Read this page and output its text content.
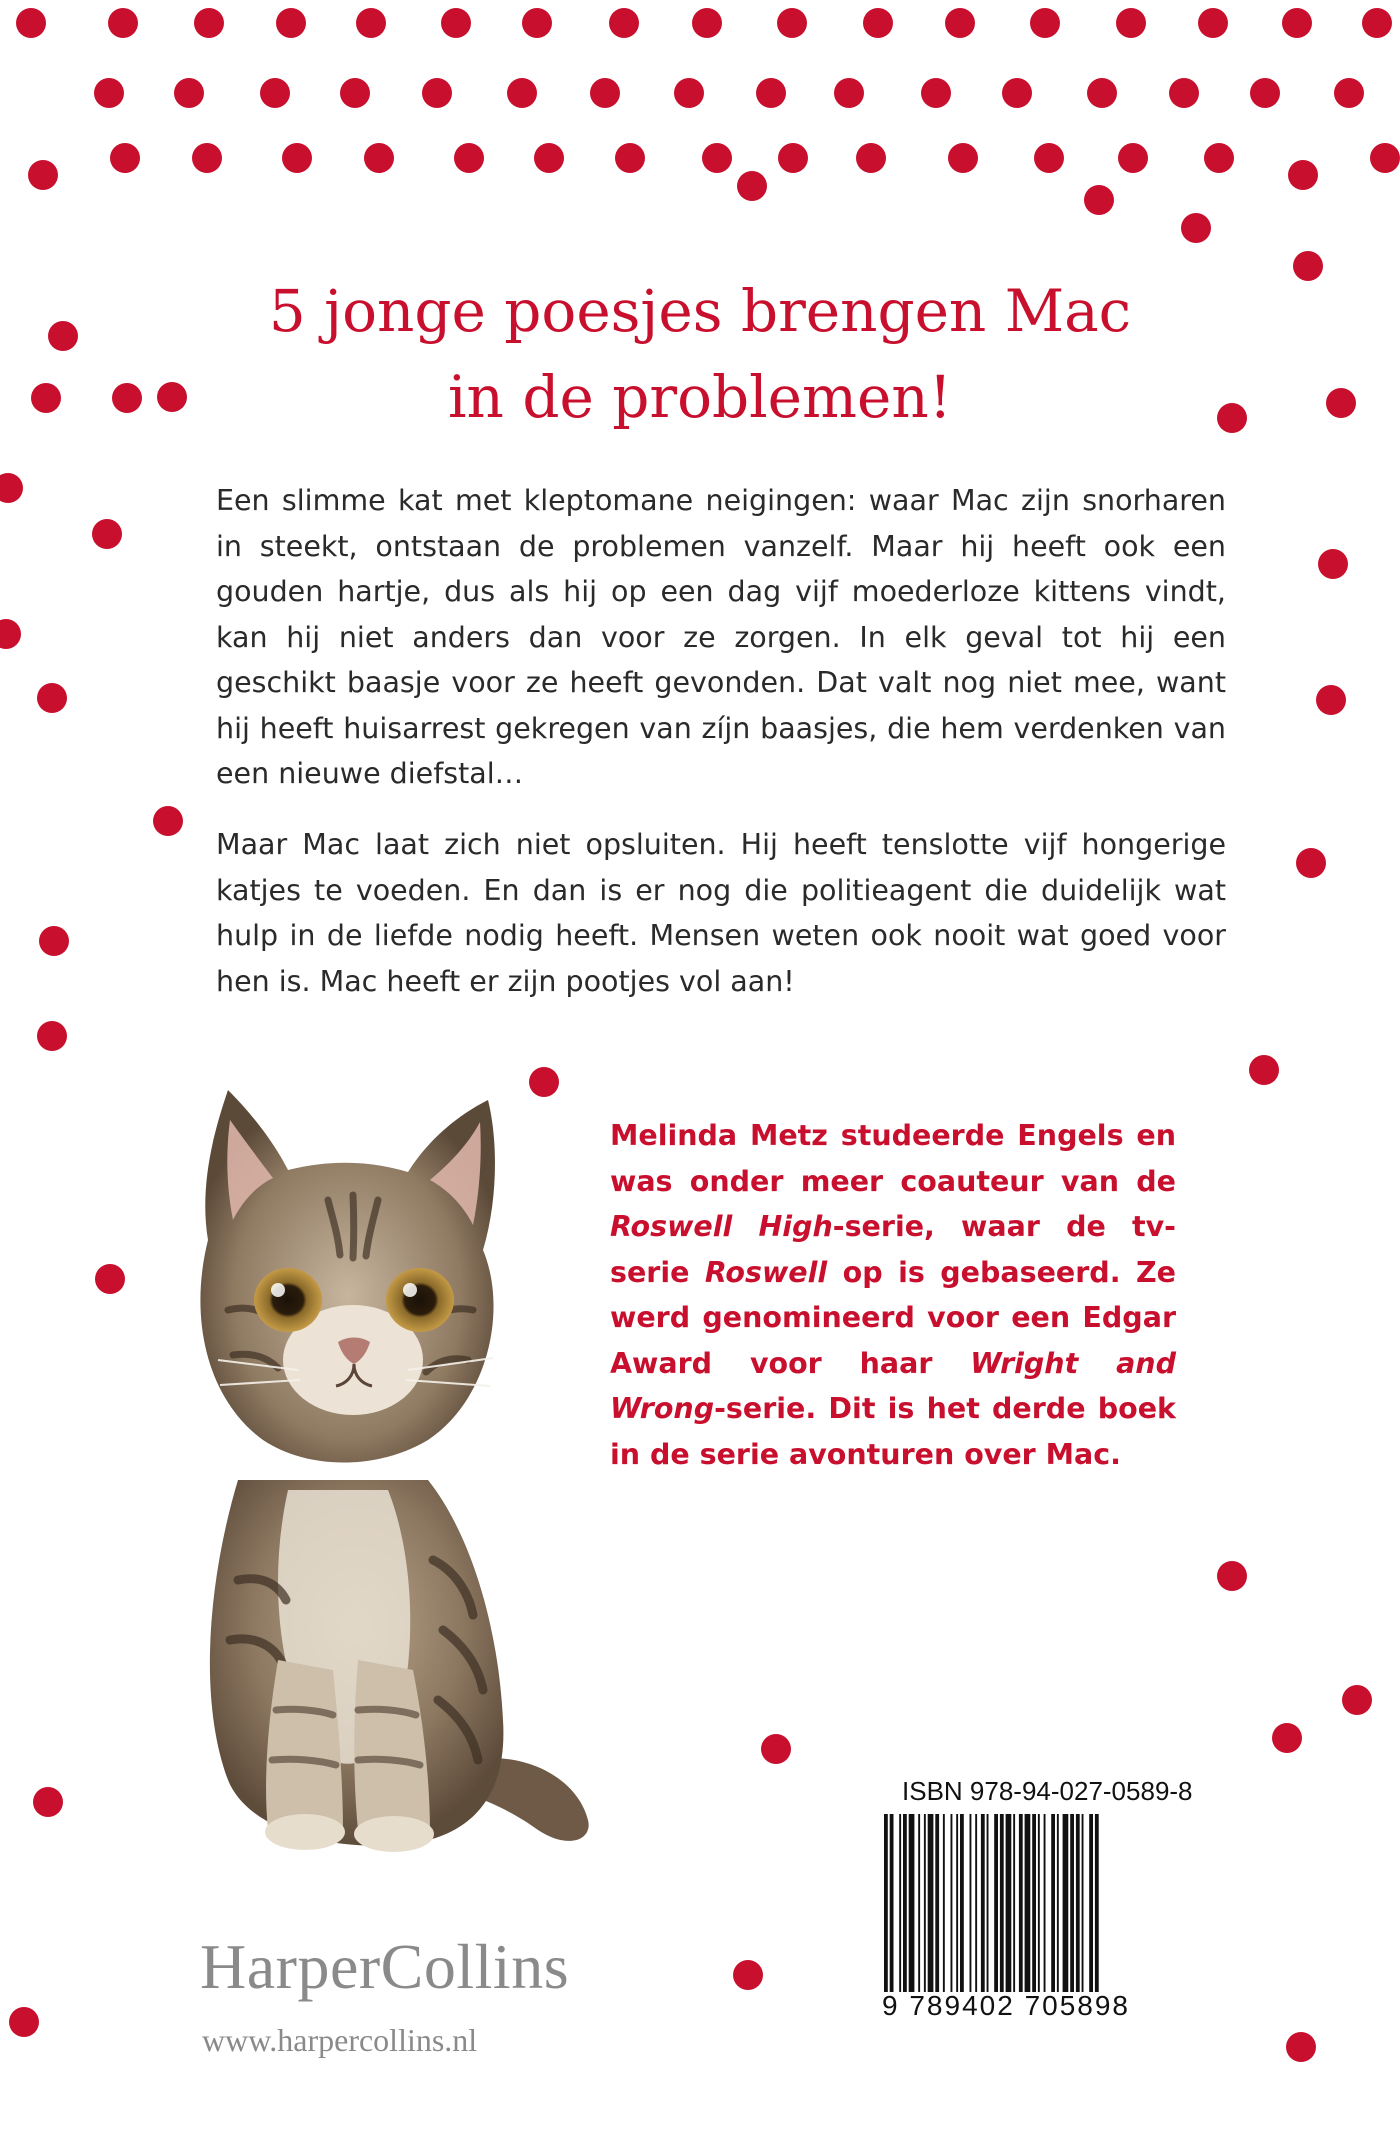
5 jonge poesjes brengen Mac
in de problemen!

Een slimme kat met kleptomane neigingen: waar Mac zijn snorharen in steekt, ontstaan de problemen vanzelf. Maar hij heeft ook een gouden hartje, dus als hij op een dag vijf moederloze kittens vindt, kan hij niet anders dan voor ze zorgen. In elk geval tot hij een geschikt baasje voor ze heeft gevonden. Dat valt nog niet mee, want hij heeft huisarrest gekregen van zíjn baasjes, die hem verdenken van een nieuwe diefstal…

Maar Mac laat zich niet opsluiten. Hij heeft tenslotte vijf hongerige katjes te voeden. En dan is er nog die politieagent die duidelijk wat hulp in de liefde nodig heeft. Mensen weten ook nooit wat goed voor hen is. Mac heeft er zijn pootjes vol aan!

Melinda Metz studeerde Engels en was onder meer coauteur van de Roswell High-serie, waar de tv-serie Roswell op is gebaseerd. Ze werd genomineerd voor een Edgar Award voor haar Wright and Wrong-serie. Dit is het derde boek in de serie avonturen over Mac.

ISBN 978-94-027-0589-8

9 789402 705898

HarperCollins

www.harpercollins.nl
